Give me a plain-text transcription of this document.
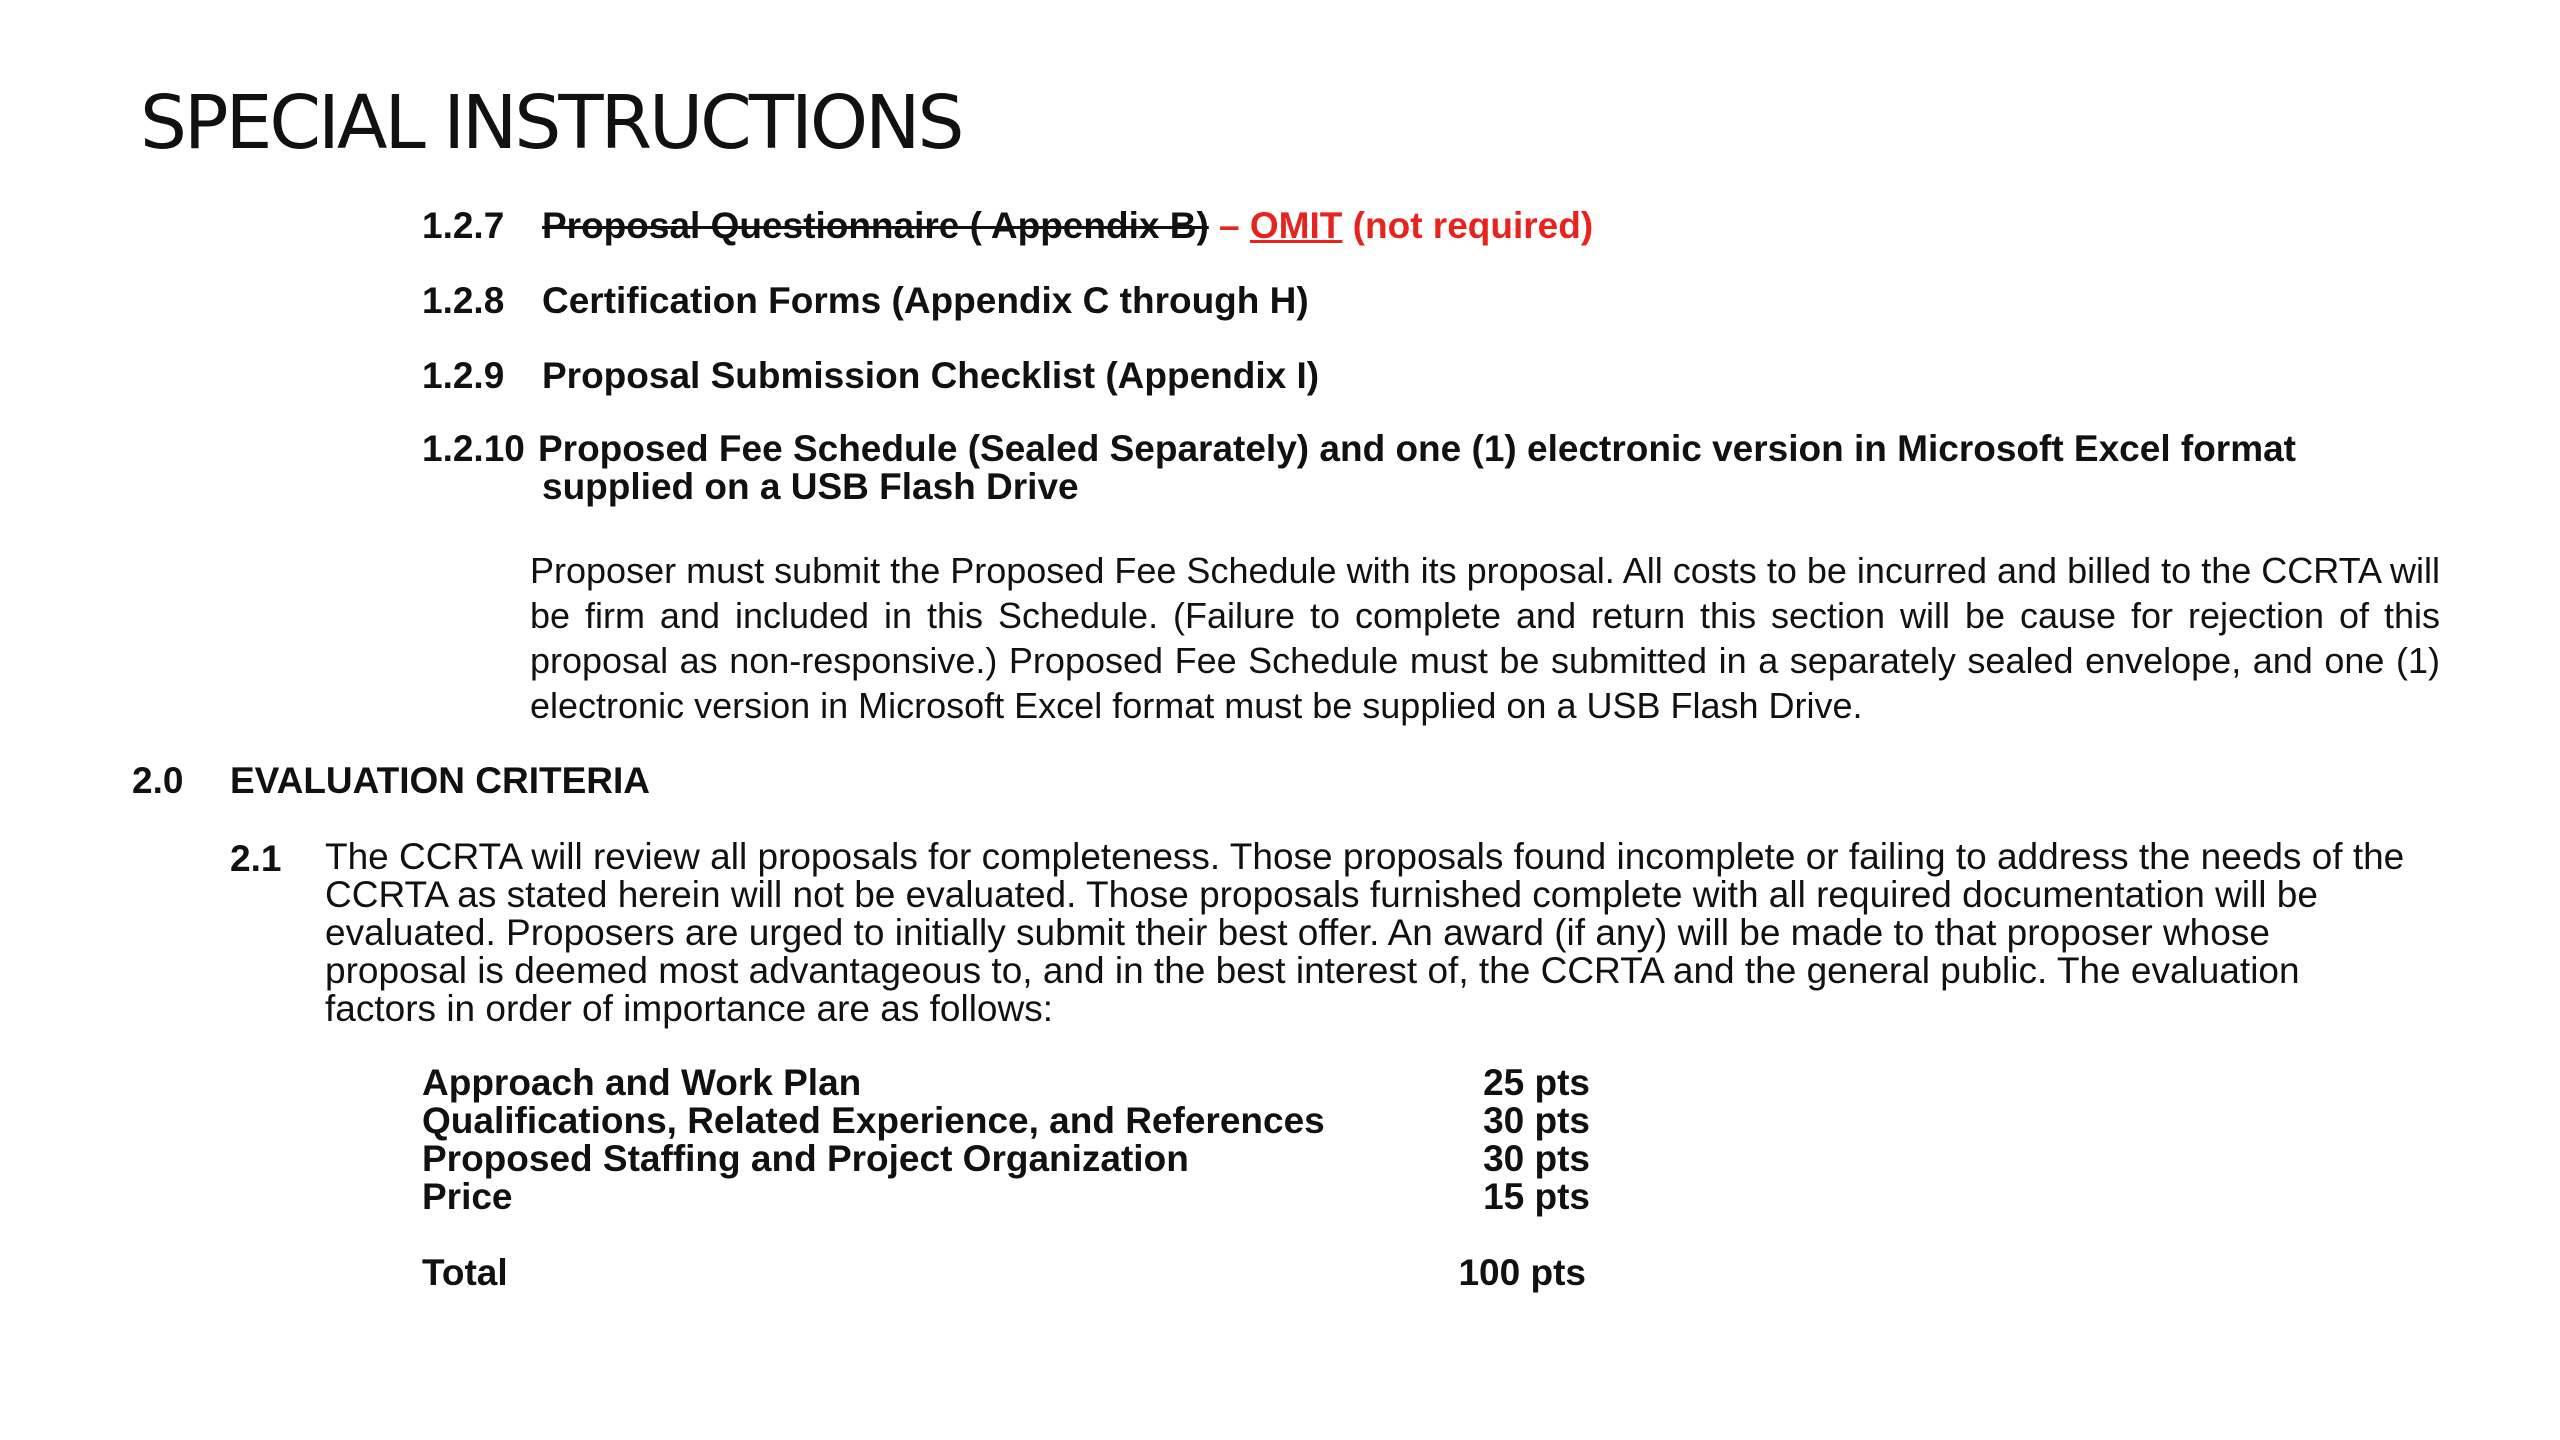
SPECIAL INSTRUCTIONS
1.2.7 Proposal Questionnaire ( Appendix B) – OMIT (not required)
1.2.8 Certification Forms (Appendix C through H)
1.2.9 Proposal Submission Checklist (Appendix I)
1.2.10 Proposed Fee Schedule (Sealed Separately) and one (1) electronic version in Microsoft Excel format
supplied on a USB Flash Drive
Proposer must submit the Proposed Fee Schedule with its proposal. All costs to be incurred and billed to the CCRTA will be firm and included in this Schedule. (Failure to complete and return this section will be cause for rejection of this proposal as non-responsive.) Proposed Fee Schedule must be submitted in a separately sealed envelope, and one (1) electronic version in Microsoft Excel format must be supplied on a USB Flash Drive.
2.0 EVALUATION CRITERIA
2.1 The CCRTA will review all proposals for completeness. Those proposals found incomplete or failing to address the needs of the
CCRTA as stated herein will not be evaluated. Those proposals furnished complete with all required documentation will be
evaluated. Proposers are urged to initially submit their best offer. An award (if any) will be made to that proposer whose
proposal is deemed most advantageous to, and in the best interest of, the CCRTA and the general public. The evaluation
factors in order of importance are as follows:
Approach and Work Plan	25 pts
Qualifications, Related Experience, and References	30 pts
Proposed Staffing and Project Organization	30 pts
Price	15 pts
Total	100 pts
